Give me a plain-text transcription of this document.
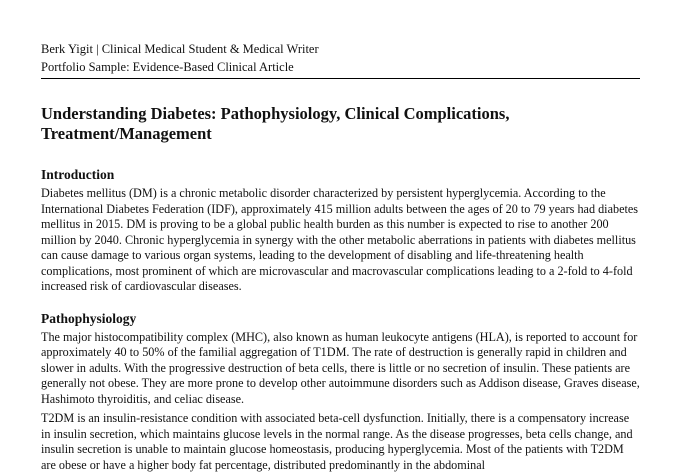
Berk Yigit | Clinical Medical Student & Medical Writer
Portfolio Sample: Evidence-Based Clinical Article
Understanding Diabetes: Pathophysiology, Clinical Complications, Treatment/Management
Introduction

Diabetes mellitus (DM) is a chronic metabolic disorder characterized by persistent hyperglycemia. According to the International Diabetes Federation (IDF), approximately 415 million adults between the ages of 20 to 79 years had diabetes mellitus in 2015. DM is proving to be a global public health burden as this number is expected to rise to another 200 million by 2040. Chronic hyperglycemia in synergy with the other metabolic aberrations in patients with diabetes mellitus can cause damage to various organ systems, leading to the development of disabling and life-threatening health complications, most prominent of which are microvascular and macrovascular complications leading to a 2-fold to 4-fold increased risk of cardiovascular diseases.

Pathophysiology

The major histocompatibility complex (MHC), also known as human leukocyte antigens (HLA), is reported to account for approximately 40 to 50% of the familial aggregation of T1DM. The rate of destruction is generally rapid in children and slower in adults. With the progressive destruction of beta cells, there is little or no secretion of insulin. These patients are generally not obese. They are more prone to develop other autoimmune disorders such as Addison disease, Graves disease, Hashimoto thyroiditis, and celiac disease.

T2DM is an insulin-resistance condition with associated beta-cell dysfunction. Initially, there is a compensatory increase in insulin secretion, which maintains glucose levels in the normal range. As the disease progresses, beta cells change, and insulin secretion is unable to maintain glucose homeostasis, producing hyperglycemia. Most of the patients with T2DM are obese or have a higher body fat percentage, distributed predominantly in the abdominal
